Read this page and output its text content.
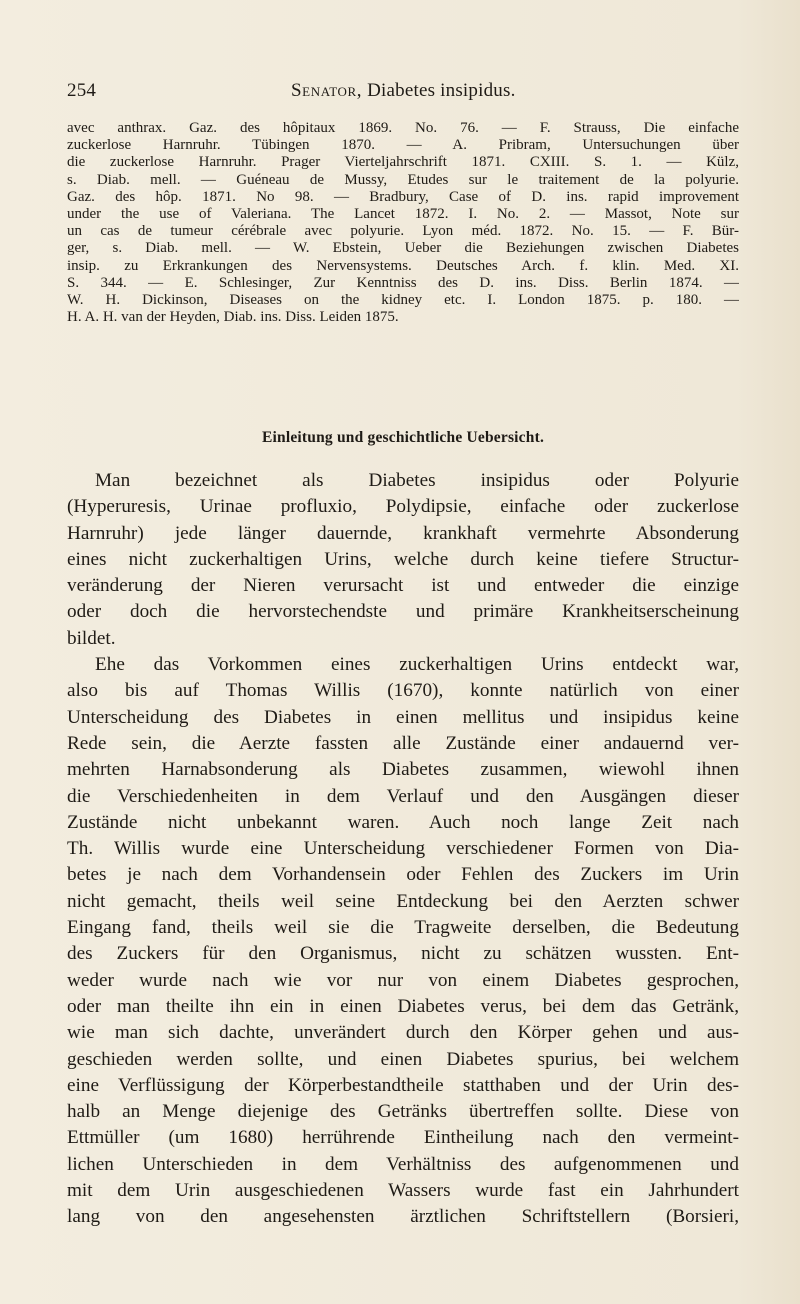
254	Senator, Diabetes insipidus.
avec anthrax. Gaz. des hôpitaux 1869. No. 76. — F. Strauss, Die einfache
zuckerlose Harnruhr. Tübingen 1870. — A. Pribram, Untersuchungen über
die zuckerlose Harnruhr. Prager Vierteljahrschrift 1871. CXIII. S. 1. — Külz,
s. Diab. mell. — Guéneau de Mussy, Etudes sur le traitement de la polyurie.
Gaz. des hôp. 1871. No 98. — Bradbury, Case of D. ins. rapid improvement
under the use of Valeriana. The Lancet 1872. I. No. 2. — Massot, Note sur
un cas de tumeur cérébrale avec polyurie. Lyon méd. 1872. No. 15. — F. Bür-
ger, s. Diab. mell. — W. Ebstein, Ueber die Beziehungen zwischen Diabetes
insip. zu Erkrankungen des Nervensystems. Deutsches Arch. f. klin. Med. XI.
S. 344. — E. Schlesinger, Zur Kenntniss des D. ins. Diss. Berlin 1874. —
W. H. Dickinson, Diseases on the kidney etc. I. London 1875. p. 180. —
H. A. H. van der Heyden, Diab. ins. Diss. Leiden 1875.
Einleitung und geschichtliche Uebersicht.
Man bezeichnet als Diabetes insipidus oder Polyurie
(Hyperuresis, Urinae profluxio, Polydipsie, einfache oder zuckerlose
Harnruhr) jede länger dauernde, krankhaft vermehrte Absonderung
eines nicht zuckerhaltigen Urins, welche durch keine tiefere Structur-
veränderung der Nieren verursacht ist und entweder die einzige
oder doch die hervorstechendste und primäre Krankheitserscheinung
bildet.
Ehe das Vorkommen eines zuckerhaltigen Urins entdeckt war,
also bis auf Thomas Willis (1670), konnte natürlich von einer
Unterscheidung des Diabetes in einen mellitus und insipidus keine
Rede sein, die Aerzte fassten alle Zustände einer andauernd ver-
mehrten Harnabsonderung als Diabetes zusammen, wiewohl ihnen
die Verschiedenheiten in dem Verlauf und den Ausgängen dieser
Zustände nicht unbekannt waren. Auch noch lange Zeit nach
Th. Willis wurde eine Unterscheidung verschiedener Formen von Dia-
betes je nach dem Vorhandensein oder Fehlen des Zuckers im Urin
nicht gemacht, theils weil seine Entdeckung bei den Aerzten schwer
Eingang fand, theils weil sie die Tragweite derselben, die Bedeutung
des Zuckers für den Organismus, nicht zu schätzen wussten. Ent-
weder wurde nach wie vor nur von einem Diabetes gesprochen,
oder man theilte ihn ein in einen Diabetes verus, bei dem das Getränk,
wie man sich dachte, unverändert durch den Körper gehen und aus-
geschieden werden sollte, und einen Diabetes spurius, bei welchem
eine Verflüssigung der Körperbestandtheile statthaben und der Urin des-
halb an Menge diejenige des Getränks übertreffen sollte. Diese von
Ettmüller (um 1680) herrührende Eintheilung nach den vermeint-
lichen Unterschieden in dem Verhältniss des aufgenommenen und
mit dem Urin ausgeschiedenen Wassers wurde fast ein Jahrhundert
lang von den angesehensten ärztlichen Schriftstellern (Borsieri,
